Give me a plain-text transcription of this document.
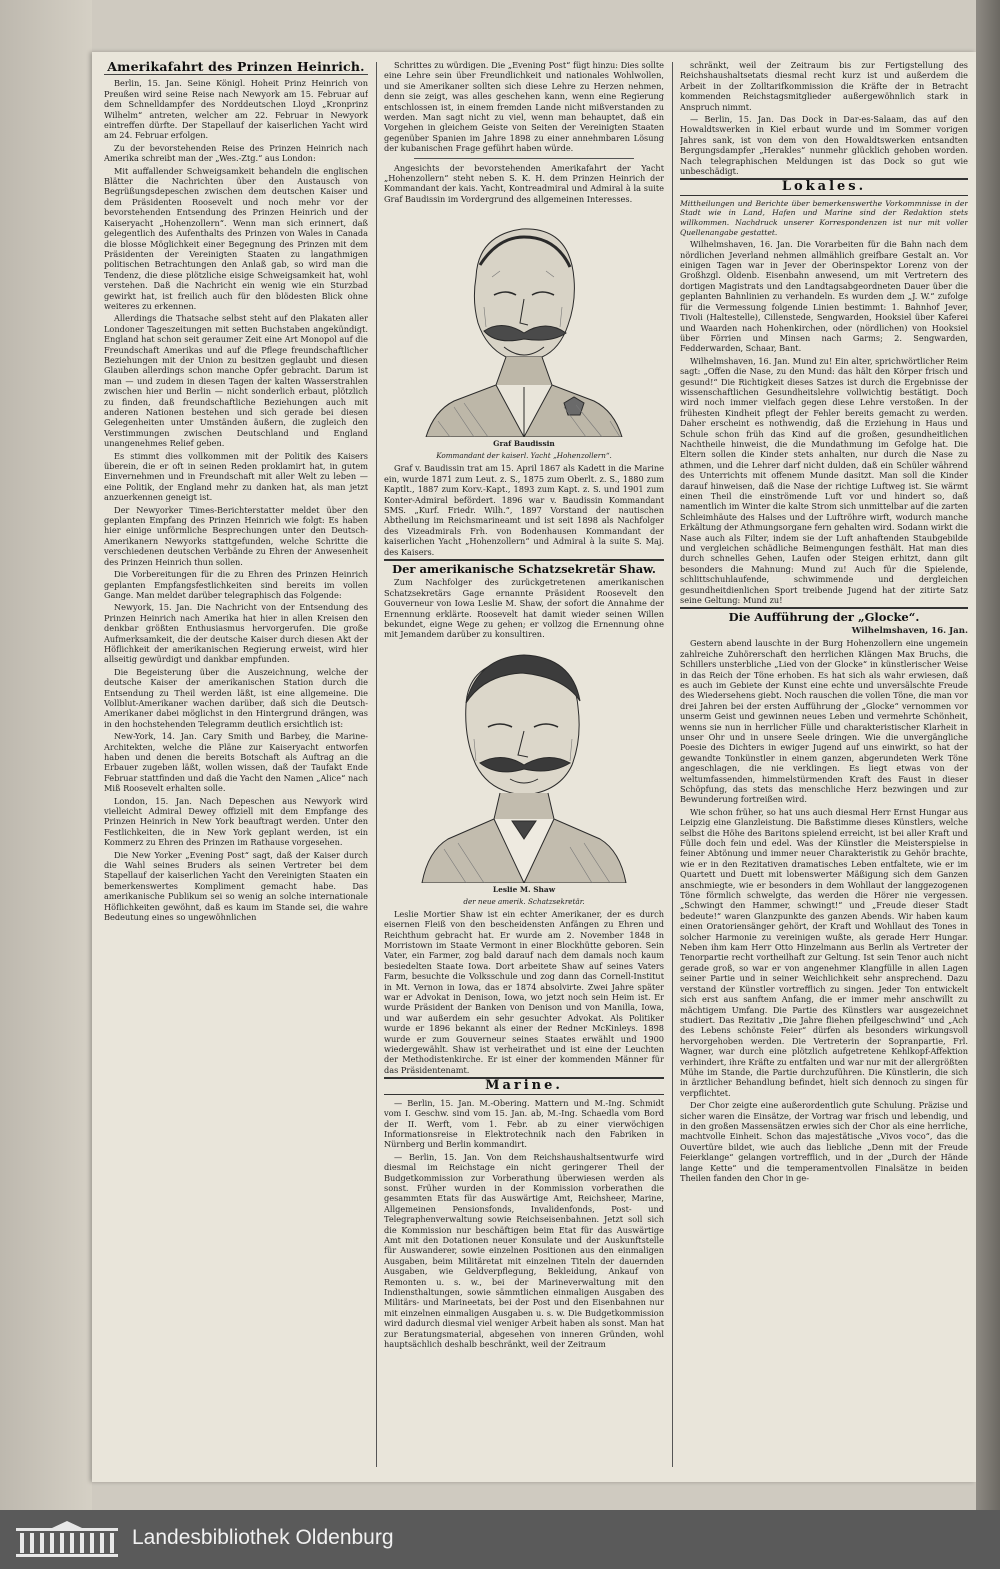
Amerikafahrt des Prinzen Heinrich.

Berlin, 15. Jan. Seine Königl. Hoheit Prinz Heinrich von Preußen wird seine Reise nach Newyork am 15. Februar auf dem Schnelldampfer des Norddeutschen Lloyd „Kronprinz Wilhelm“ antreten, welcher am 22. Februar in Newyork eintreffen dürfte. Der Stapellauf der kaiserlichen Yacht wird am 24. Februar erfolgen.

Zu der bevorstehenden Reise des Prinzen Heinrich nach Amerika schreibt man der „Wes.-Ztg.“ aus London:

Mit auffallender Schweigsamkeit behandeln die englischen Blätter die Nachrichten über den Austausch von Begrüßungsdepeschen zwischen dem deutschen Kaiser und dem Präsidenten Roosevelt und noch mehr vor der bevorstehenden Entsendung des Prinzen Heinrich und der Kaiseryacht „Hohenzollern“. Wenn man sich erinnert, daß gelegentlich des Aufenthalts des Prinzen von Wales in Canada die blosse Möglichkeit einer Begegnung des Prinzen mit dem Präsidenten der Vereinigten Staaten zu langathmigen politischen Betrachtungen den Anlaß gab, so wird man die Tendenz, die diese plötzliche eisige Schweigsamkeit hat, wohl verstehen. Daß die Nachricht ein wenig wie ein Sturzbad gewirkt hat, ist freilich auch für den blödesten Blick ohne weiteres zu erkennen.

Allerdings die Thatsache selbst steht auf den Plakaten aller Londoner Tageszeitungen mit setten Buchstaben angekündigt. England hat schon seit geraumer Zeit eine Art Monopol auf die Freundschaft Amerikas und auf die Pflege freundschaftlicher Beziehungen mit der Union zu besitzen geglaubt und diesen Glauben allerdings schon manche Opfer gebracht. Darum ist man — und zudem in diesen Tagen der kalten Wasserstrahlen zwischen hier und Berlin — nicht sonderlich erbaut, plötzlich zu finden, daß freundschaftliche Beziehungen auch mit anderen Nationen bestehen und sich gerade bei diesen Gelegenheiten unter Umständen äußern, die zugleich den Verstimmungen zwischen Deutschland und England unangenehmes Relief geben.

Es stimmt dies vollkommen mit der Politik des Kaisers überein, die er oft in seinen Reden proklamirt hat, in gutem Einvernehmen und in Freundschaft mit aller Welt zu leben — eine Politik, der England mehr zu danken hat, als man jetzt anzuerkennen geneigt ist.

Der Newyorker Times-Berichterstatter meldet über den geplanten Empfang des Prinzen Heinrich wie folgt: Es haben hier einige unförmliche Besprechungen unter den Deutsch-Amerikanern Newyorks stattgefunden, welche Schritte die verschiedenen deutschen Verbände zu Ehren der Anwesenheit des Prinzen Heinrich thun sollen.

Die Vorbereitungen für die zu Ehren des Prinzen Heinrich geplanten Empfangsfestlichkeiten sind bereits im vollen Gange. Man meldet darüber telegraphisch das Folgende:

Newyork, 15. Jan. Die Nachricht von der Entsendung des Prinzen Heinrich nach Amerika hat hier in allen Kreisen den denkbar größten Enthusiasmus hervorgerufen. Die große Aufmerksamkeit, die der deutsche Kaiser durch diesen Akt der Höflichkeit der amerikanischen Regierung erweist, wird hier allseitig gewürdigt und dankbar empfunden.

Die Begeisterung über die Auszeichnung, welche der deutsche Kaiser der amerikanischen Station durch die Entsendung zu Theil werden läßt, ist eine allgemeine. Die Vollblut-Amerikaner wachen darüber, daß sich die Deutsch-Amerikaner dabei möglichst in den Hintergrund drängen, was in den hochstehenden Telegramm deutlich ersichtlich ist:

New-York, 14. Jan. Cary Smith und Barbey, die Marine-Architekten, welche die Pläne zur Kaiseryacht entworfen haben und denen die bereits Botschaft als Auftrag an die Erbauer zugeben läßt, wollen wissen, daß der Taufakt Ende Februar stattfinden und daß die Yacht den Namen „Alice“ nach Miß Roosevelt erhalten solle.

London, 15. Jan. Nach Depeschen aus Newyork wird vielleicht Admiral Dewey offiziell mit dem Empfange des Prinzen Heinrich in New York beauftragt werden. Unter den Festlichkeiten, die in New York geplant werden, ist ein Kommerz zu Ehren des Prinzen im Rathause vorgesehen.

Die New Yorker „Evening Post“ sagt, daß der Kaiser durch die Wahl seines Bruders als seinen Vertreter bei dem Stapellauf der kaiserlichen Yacht den Vereinigten Staaten ein bemerkenswertes Kompliment gemacht habe. Das amerikanische Publikum sei so wenig an solche internationale Höflichkeiten gewöhnt, daß es kaum im Stande sei, die wahre Bedeutung eines so ungewöhnlichen

Schrittes zu würdigen. Die „Evening Post“ fügt hinzu: Dies sollte eine Lehre sein über Freundlichkeit und nationales Wohlwollen, und sie Amerikaner sollten sich diese Lehre zu Herzen nehmen, denn sie zeigt, was alles geschehen kann, wenn eine Regierung entschlossen ist, in einem fremden Lande nicht mißverstanden zu werden. Man sagt nicht zu viel, wenn man behauptet, daß ein Vorgehen in gleichem Geiste von Seiten der Vereinigten Staaten gegenüber Spanien im Jahre 1898 zu einer annehmbaren Lösung der kubanischen Frage geführt haben würde.

Angesichts der bevorstehenden Amerikafahrt der Yacht „Hohenzollern“ steht neben S. K. H. dem Prinzen Heinrich der Kommandant der kais. Yacht, Kontreadmiral und Admiral à la suite Graf Baudissin im Vordergrund des allgemeinen Interesses.

Graf Baudissin
Kommandant der kaiserl. Yacht „Hohenzollern“.

Graf v. Baudissin trat am 15. April 1867 als Kadett in die Marine ein, wurde 1871 zum Leut. z. S., 1875 zum Oberlt. z. S., 1880 zum Kaptlt., 1887 zum Korv.-Kapt., 1893 zum Kapt. z. S. und 1901 zum Konter-Admiral befördert. 1896 war v. Baudissin Kommandant SMS. „Kurf. Friedr. Wilh.“, 1897 Vorstand der nautischen Abtheilung im Reichsmarineamt und ist seit 1898 als Nachfolger des Vizeadmirals Frh. von Bodenhausen Kommandant der kaiserlichen Yacht „Hohenzollern“ und Admiral à la suite S. Maj. des Kaisers.

Der amerikanische Schatzsekretär Shaw.

Zum Nachfolger des zurückgetretenen amerikanischen Schatzsekretärs Gage ernannte Präsident Roosevelt den Gouverneur von Iowa Leslie M. Shaw, der sofort die Annahme der Ernennung erklärte. Roosevelt hat damit wieder seinen Willen bekundet, eigne Wege zu gehen; er vollzog die Ernennung ohne mit Jemandem darüber zu konsultiren.

Leslie M. Shaw
der neue amerik. Schatzsekretär.

Leslie Mortier Shaw ist ein echter Amerikaner, der es durch eisernen Fleiß von den bescheidensten Anfängen zu Ehren und Reichthum gebracht hat. Er wurde am 2. November 1848 in Morristown im Staate Vermont in einer Blockhütte geboren. Sein Vater, ein Farmer, zog bald darauf nach dem damals noch kaum besiedelten Staate Iowa. Dort arbeitete Shaw auf seines Vaters Farm, besuchte die Volksschule und zog dann das Cornell-Institut in Mt. Vernon in Iowa, das er 1874 absolvirte. Zwei Jahre später war er Advokat in Denison, Iowa, wo jetzt noch sein Heim ist. Er wurde Präsident der Banken von Denison und von Manilla, Iowa, und war außerdem ein sehr gesuchter Advokat. Als Politiker wurde er 1896 bekannt als einer der Redner McKinleys. 1898 wurde er zum Gouverneur seines Staates erwählt und 1900 wiedergewählt. Shaw ist verheirathet und ist eine der Leuchten der Methodistenkirche. Er ist einer der kommenden Männer für das Präsidentenamt.

Marine.

— Berlin, 15. Jan. M.-Obering. Mattern und M.-Ing. Schmidt vom I. Geschw. sind vom 15. Jan. ab, M.-Ing. Schaedla vom Bord der II. Werft, vom 1. Febr. ab zu einer vierwöchigen Informationsreise in Elektrotechnik nach den Fabriken in Nürnberg und Berlin kommandirt.

— Berlin, 15. Jan. Von dem Reichshaushaltsentwurfe wird diesmal im Reichstage ein nicht geringerer Theil der Budgetkommission zur Vorberathung überwiesen werden als sonst. Früher wurden in der Kommission vorberathen die gesammten Etats für das Auswärtige Amt, Reichsheer, Marine, Allgemeinen Pensionsfonds, Invalidenfonds, Post- und Telegraphenverwaltung sowie Reichseisenbahnen. Jetzt soll sich die Kommission nur beschäftigen beim Etat für das Auswärtige Amt mit den Dotationen neuer Konsulate und der Auskunftstelle für Auswanderer, sowie einzelnen Positionen aus den einmaligen Ausgaben, beim Militäretat mit einzelnen Titeln der dauernden Ausgaben, wie Geldverpflegung, Bekleidung, Ankauf von Remonten u. s. w., bei der Marineverwaltung mit den Indiensthaltungen, sowie sämmtlichen einmaligen Ausgaben des Militärs- und Marineetats, bei der Post und den Eisenbahnen nur mit einzelnen einmaligen Ausgaben u. s. w. Die Budgetkommission wird dadurch diesmal viel weniger Arbeit haben als sonst. Man hat zur Beratungsmaterial, abgesehen von inneren Gründen, wohl hauptsächlich deshalb beschränkt, weil der Zeitraum

schränkt, weil der Zeitraum bis zur Fertigstellung des Reichshaushaltsetats diesmal recht kurz ist und außerdem die Arbeit in der Zolltarifkommission die Kräfte der in Betracht kommenden Reichstagsmitglieder außergewöhnlich stark in Anspruch nimmt.

— Berlin, 15. Jan. Das Dock in Dar-es-Salaam, das auf den Howaldtswerken in Kiel erbaut wurde und im Sommer vorigen Jahres sank, ist von dem von den Howaldtswerken entsandten Bergungsdampfer „Herakles“ nunmehr glücklich gehoben worden. Nach telegraphischen Meldungen ist das Dock so gut wie unbeschädigt.

Lokales.
Mittheilungen und Berichte über bemerkenswerthe Vorkommnisse in der Stadt wie in Land, Hafen und Marine sind der Redaktion stets willkommen. Nachdruck unserer Korrespondenzen ist nur mit voller Quellenangabe gestattet.

Wilhelmshaven, 16. Jan. Die Vorarbeiten für die Bahn nach dem nördlichen Jeverland nehmen allmählich greifbare Gestalt an. Vor einigen Tagen war in Jever der Oberinspektor Lorenz von der Großhzgl. Oldenb. Eisenbahn anwesend, um mit Vertretern des dortigen Magistrats und den Landtagsabgeordneten Dauer über die geplanten Bahnlinien zu verhandeln. Es wurden dem „J. W.“ zufolge für die Vermessung folgende Linien bestimmt: 1. Bahnhof Jever, Tivoli (Haltestelle), Cillenstede, Sengwarden, Hooksiel über Kaferei und Waarden nach Hohenkirchen, oder (nördlichen) von Hooksiel über Förrien und Minsen nach Garms; 2. Sengwarden, Fedderwarden, Schaar, Bant.

Wilhelmshaven, 16. Jan. Mund zu! Ein alter, sprichwörtlicher Reim sagt: „Offen die Nase, zu den Mund: das hält den Körper frisch und gesund!“ Die Richtigkeit dieses Satzes ist durch die Ergebnisse der wissenschaftlichen Gesundheitslehre vollwichtig bestätigt. Doch wird noch immer vielfach gegen diese Lehre verstoßen. In der frühesten Kindheit pflegt der Fehler bereits gemacht zu werden. Daher erscheint es nothwendig, daß die Erziehung in Haus und Schule schon früh das Kind auf die großen, gesundheitlichen Nachtheile hinweist, die die Mundathmung im Gefolge hat. Die Eltern sollen die Kinder stets anhalten, nur durch die Nase zu athmen, und die Lehrer darf nicht dulden, daß ein Schüler während des Unterrichts mit offenem Munde dasitzt. Man soll die Kinder darauf hinweisen, daß die Nase der richtige Luftweg ist. Sie wärmt einen Theil die einströmende Luft vor und hindert so, daß namentlich im Winter die kalte Strom sich unmittelbar auf die zarten Schleimhäute des Halses und der Luftröhre wirft, wodurch manche Erkältung der Athmungsorgane fern gehalten wird. Sodann wirkt die Nase auch als Filter, indem sie der Luft anhaftenden Staubgebilde und vergleichen schädliche Beimengungen festhält. Hat man dies durch schnelles Gehen, Laufen oder Steigen erhitzt, dann gilt besonders die Mahnung: Mund zu! Auch für die Spielende, schlittschuhlaufende, schwimmende und dergleichen gesundheitdienlichen Sport treibende Jugend hat der zitirte Satz seine Geltung: Mund zu!

Die Aufführung der „Glocke“.
Wilhelmshaven, 16. Jan.

Gestern abend lauschte in der Burg Hohenzollern eine ungemein zahlreiche Zuhörerschaft den herrlichen Klängen Max Bruchs, die Schillers unsterbliche „Lied von der Glocke“ in künstlerischer Weise in das Reich der Töne erhoben. Es hat sich als wahr erwiesen, daß es auch im Gebiete der Kunst eine echte und unversälschte Freude des Wiedersehens giebt. Noch rauschen die vollen Töne, die man vor drei Jahren bei der ersten Aufführung der „Glocke“ vernommen vor unserm Geist und gewinnen neues Leben und vermehrte Schönheit, wenns sie nun in herrlicher Fülle und charakteristischer Klarheit in unser Ohr und in unsere Seele dringen. Wie die unvergängliche Poesie des Dichters in ewiger Jugend auf uns einwirkt, so hat der gewandte Tonkünstler in einem ganzen, abgerundeten Werk Töne angeschlagen, die nie verklingen. Es liegt etwas von der weltumfassenden, himmelstürmenden Kraft des Faust in dieser Schöpfung, das stets das menschliche Herz bezwingen und zur Bewunderung fortreißen wird.

Wie schon früher, so hat uns auch diesmal Herr Ernst Hungar aus Leipzig eine Glanzleistung. Die Baßstimme dieses Künstlers, welche selbst die Höhe des Baritons spielend erreicht, ist bei aller Kraft und Fülle doch fein und edel. Was der Künstler die Meisterspielse in feiner Abtönung und immer neuer Charakteristik zu Gehör brachte, wie er in den Rezitativen dramatisches Leben entfaltete, wie er im Quartett und Duett mit lobenswerter Mäßigung sich dem Ganzen anschmiegte, wie er besonders in dem Wohllaut der langgezogenen Töne förmlich schwelgte, das werden die Hörer nie vergessen. „Schwingt den Hammer, schwingt!“ und „Freude dieser Stadt bedeute!“ waren Glanzpunkte des ganzen Abends. Wir haben kaum einen Oratoriensänger gehört, der Kraft und Wohllaut des Tones in solcher Harmonie zu vereinigen wußte, als gerade Herr Hungar. Neben ihm kam Herr Otto Hinzelmann aus Berlin als Vertreter der Tenorpartie recht vortheilhaft zur Geltung. Ist sein Tenor auch nicht gerade groß, so war er von angenehmer Klangfülle in allen Lagen seiner Partie und in seiner Weichlichkeit sehr ansprechend. Dazu verstand der Künstler vortrefflich zu singen. Jeder Ton entwickelt sich erst aus sanftem Anfang, die er immer mehr anschwillt zu mächtigem Umfang. Die Partie des Künstlers war ausgezeichnet studiert. Das Rezitativ „Die Jahre fliehen pfeilgeschwind“ und „Ach des Lebens schönste Feier“ dürfen als besonders wirkungsvoll hervorgehoben werden. Die Vertreterin der Sopranpartie, Frl. Wagner, war durch eine plötzlich aufgetretene Kehlkopf-Affektion verhindert, ihre Kräfte zu entfalten und war nur mit der allergrößten Mühe im Stande, die Partie durchzuführen. Die Künstlerin, die sich in ärztlicher Behandlung befindet, hielt sich dennoch zu singen für verpflichtet.

Der Chor zeigte eine außerordentlich gute Schulung. Präzise und sicher waren die Einsätze, der Vortrag war frisch und lebendig, und in den großen Massensätzen erwies sich der Chor als eine herrliche, machtvolle Einheit. Schon das majestätische „Vivos voco“, das die Ouvertüre bildet, wie auch das liebliche „Denn mit der Freude Feierklange“ gelangen vortrefflich, und in der „Durch der Hände lange Kette“ und die temperamentvollen Finalsätze in beiden Theilen fanden den Chor in ge-

Landesbibliothek Oldenburg
